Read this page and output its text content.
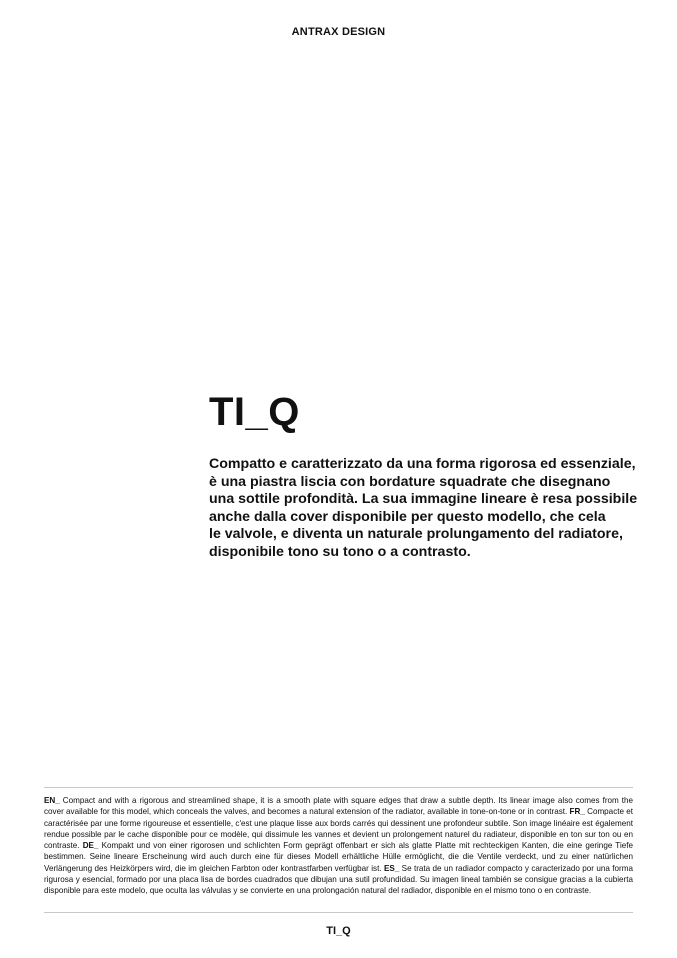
ANTRAX DESIGN
TI_Q

Compatto e caratterizzato da una forma rigorosa ed essenziale,
è una piastra liscia con bordature squadrate che disegnano
una sottile profondità. La sua immagine lineare è resa possibile
anche dalla cover disponibile per questo modello, che cela
le valvole, e diventa un naturale prolungamento del radiatore,
disponibile tono su tono o a contrasto.

EN_ Compact and with a rigorous and streamlined shape, it is a smooth plate with square edges that draw a subtle depth. Its linear image also comes from the cover available for this model, which conceals the valves, and becomes a natural extension of the radiator, available in tone-on-tone or in contrast. FR_ Compacte et caractérisée par une forme rigoureuse et essentielle, c'est une plaque lisse aux bords carrés qui dessinent une profondeur subtile. Son image linéaire est également rendue possible par le cache disponible pour ce modèle, qui dissimule les vannes et devient un prolongement naturel du radiateur, disponible en ton sur ton ou en contraste. DE_ Kompakt und von einer rigorosen und schlichten Form geprägt offenbart er sich als glatte Platte mit rechteckigen Kanten, die eine geringe Tiefe bestimmen. Seine lineare Erscheinung wird auch durch eine für dieses Modell erhältliche Hülle ermöglicht, die die Ventile verdeckt, und zu einer natürlichen Verlängerung des Heizkörpers wird, die im gleichen Farbton oder kontrastfarben verfügbar ist. ES_ Se trata de un radiador compacto y caracterizado por una forma rigurosa y esencial, formado por una placa lisa de bordes cuadrados que dibujan una sutil profundidad. Su imagen lineal también se consigue gracias a la cubierta disponible para este modelo, que oculta las válvulas y se convierte en una prolongación natural del radiador, disponible en el mismo tono o en contraste.

TI_Q
